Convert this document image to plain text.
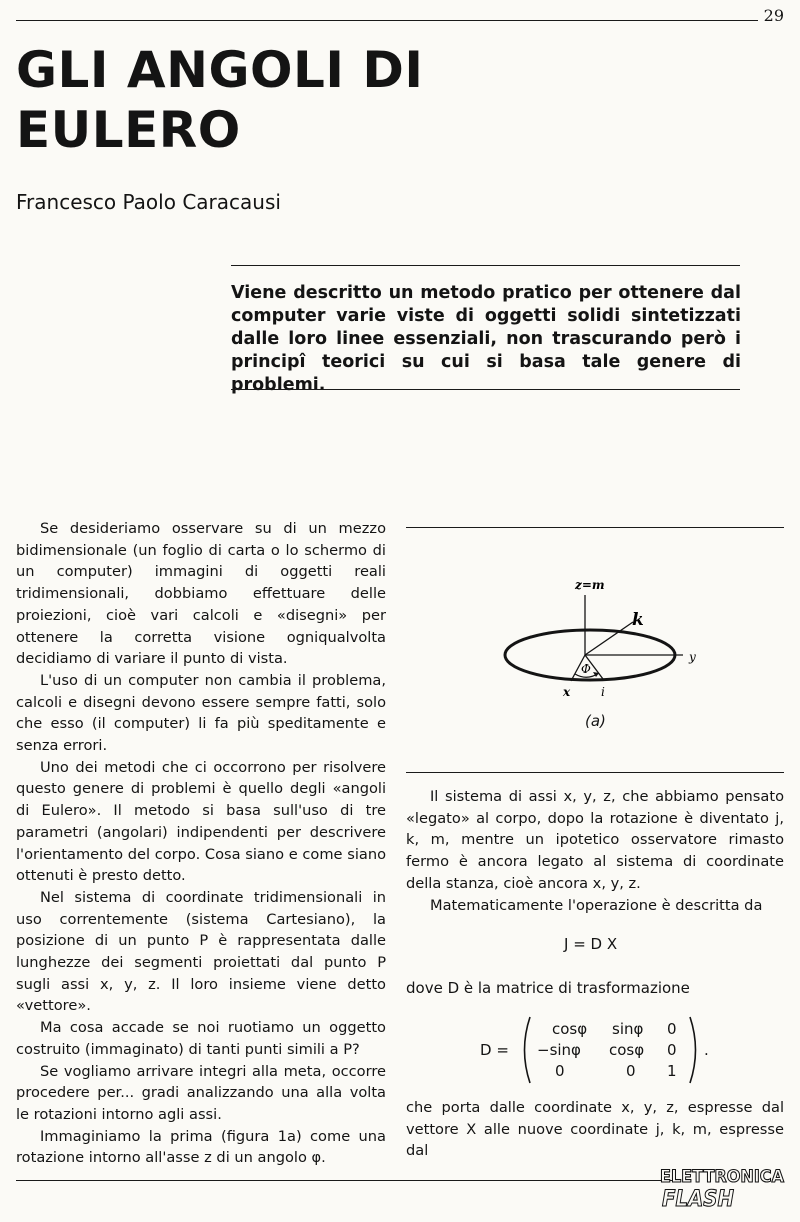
29
GLI ANGOLI DI EULERO
Francesco Paolo Caracausi

Viene descritto un metodo pratico per ottenere dal computer varie viste di oggetti solidi sintetizzati dalle loro linee essenziali, non trascurando però i principî teorici su cui si basa tale genere di problemi.

Se desideriamo osservare su di un mezzo bidimensionale (un foglio di carta o lo schermo di un computer) immagini di oggetti reali tridimensionali, dobbiamo effettuare delle proiezioni, cioè vari calcoli e «disegni» per ottenere la corretta visione ogniqualvolta decidiamo di variare il punto di vista.

L'uso di un computer non cambia il problema, calcoli e disegni devono essere sempre fatti, solo che esso (il computer) li fa più speditamente e senza errori.

Uno dei metodi che ci occorrono per risolvere questo genere di problemi è quello degli «angoli di Eulero». Il metodo si basa sull'uso di tre parametri (angolari) indipendenti per descrivere l'orientamento del corpo. Cosa siano e come siano ottenuti è presto detto.

Nel sistema di coordinate tridimensionali in uso correntemente (sistema Cartesiano), la posizione di un punto P è rappresentata dalle lunghezze dei segmenti proiettati dal punto P sugli assi x, y, z. Il loro insieme viene detto «vettore».

Ma cosa accade se noi ruotiamo un oggetto costruito (immaginato) di tanti punti simili a P?

Se vogliamo arrivare integri alla meta, occorre procedere per... gradi analizzando una alla volta le rotazioni intorno agli assi.

Immaginiamo la prima (figura 1a) come una rotazione intorno all'asse z di un angolo φ.

z=m
y
k
x	i
Φ
(a)

Il sistema di assi x, y, z, che abbiamo pensato «legato» al corpo, dopo la rotazione è diventato j, k, m, mentre un ipotetico osservatore rimasto fermo è ancora legato al sistema di coordinate della stanza, cioè ancora x, y, z.

Matematicamente l'operazione è descritta da

J = D X
dove D è la matrice di trasformazione
D =
cosφ sinφ 0
−sinφ cosφ 0
0	0 1
.

che porta dalle coordinate x, y, z, espresse dal vettore X alle nuove coordinate j, k, m, espresse dal

ELETTRONICA
FLASH
